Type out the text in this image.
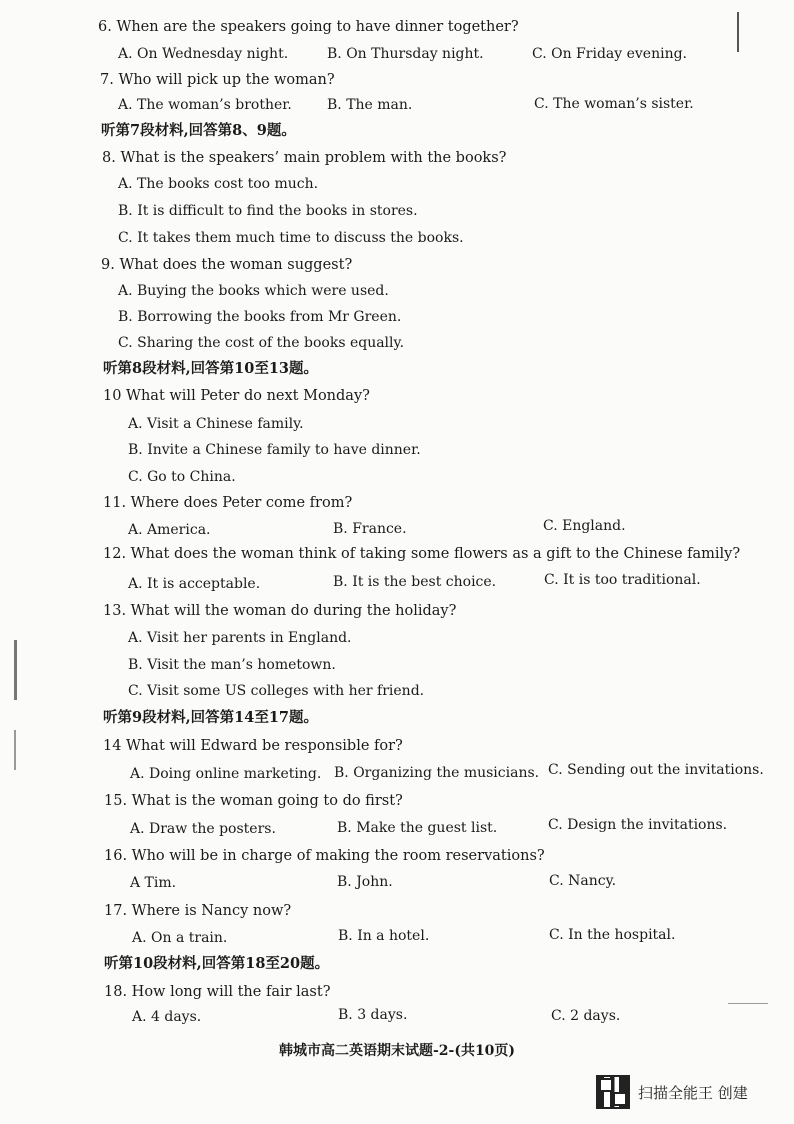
6. When are the speakers going to have dinner together?
A. On Wednesday night.	B. On Thursday night.	C. On Friday evening.
7. Who will pick up the woman?
A. The woman’s brother.	B. The man.	C. The woman’s sister.
听第7段材料,回答第8、9题。
8. What is the speakers’ main problem with the books?
A. The books cost too much.
B. It is difficult to find the books in stores.
C. It takes them much time to discuss the books.
9. What does the woman suggest?
A. Buying the books which were used.
B. Borrowing the books from Mr Green.
C. Sharing the cost of the books equally.
听第8段材料,回答第10至13题。
10 What will Peter do next Monday?
A. Visit a Chinese family.
B. Invite a Chinese family to have dinner.
C. Go to China.
11. Where does Peter come from?
A. America.	B. France.	C. England.
12. What does the woman think of taking some flowers as a gift to the Chinese family?
A. It is acceptable.	B. It is the best choice.	C. It is too traditional.
13. What will the woman do during the holiday?
A. Visit her parents in England.
B. Visit the man’s hometown.
C. Visit some US colleges with her friend.
听第9段材料,回答第14至17题。
14 What will Edward be responsible for?
A. Doing online marketing. B. Organizing the musicians. C. Sending out the invitations.
15. What is the woman going to do first?
A. Draw the posters.	B. Make the guest list.	C. Design the invitations.
16. Who will be in charge of making the room reservations?
A Tim.	B. John.	C. Nancy.
17. Where is Nancy now?
A. On a train.	B. In a hotel.	C. In the hospital.
听第10段材料,回答第18至20题。
18. How long will the fair last?
A. 4 days.	B. 3 days.	C. 2 days.
韩城市高二英语期末试题-2-(共10页)
扫描全能王 创建
